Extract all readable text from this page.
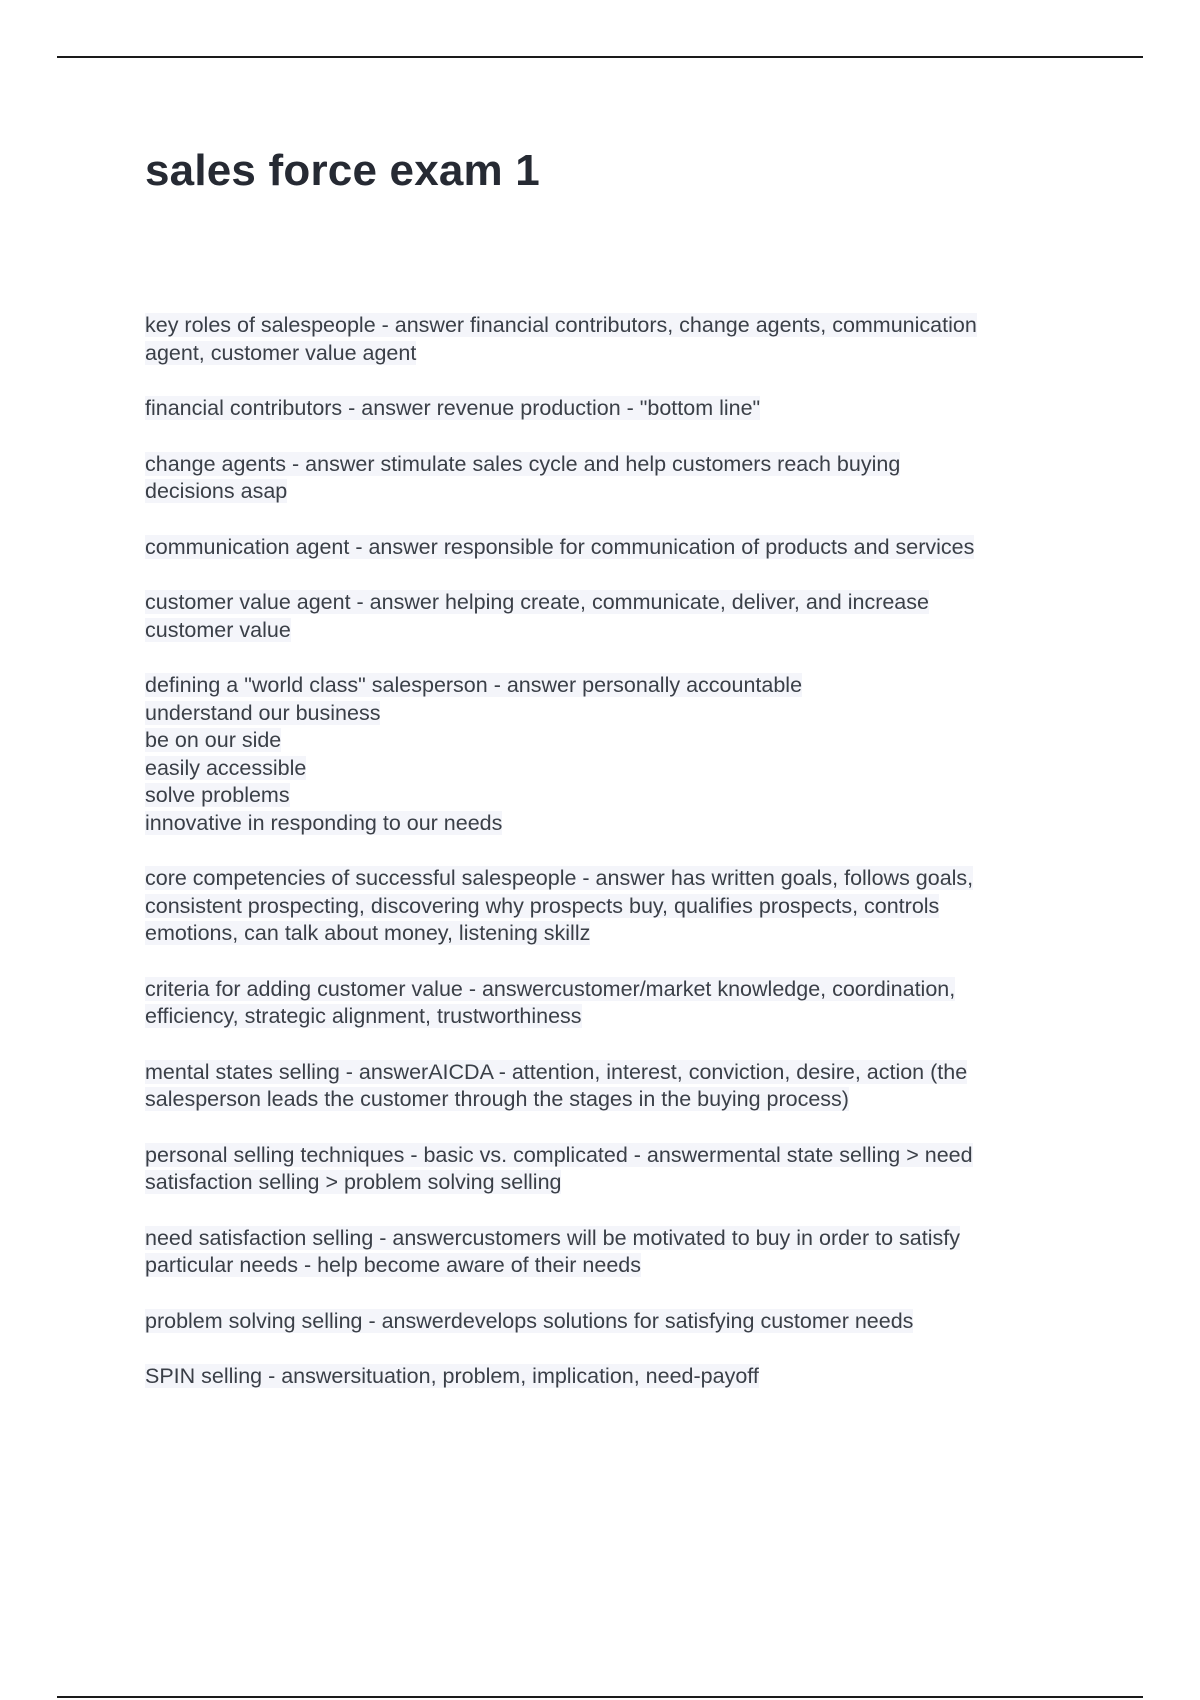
sales force exam 1

key roles of salespeople - answer financial contributors, change agents, communication
agent, customer value agent

financial contributors - answer revenue production - "bottom line"

change agents - answer stimulate sales cycle and help customers reach buying
decisions asap

communication agent - answer responsible for communication of products and services

customer value agent - answer helping create, communicate, deliver, and increase
customer value

defining a "world class" salesperson - answer personally accountable
understand our business
be on our side
easily accessible
solve problems
innovative in responding to our needs

core competencies of successful salespeople - answer has written goals, follows goals,
consistent prospecting, discovering why prospects buy, qualifies prospects, controls
emotions, can talk about money, listening skillz

criteria for adding customer value - answercustomer/market knowledge, coordination,
efficiency, strategic alignment, trustworthiness

mental states selling - answerAICDA - attention, interest, conviction, desire, action (the
salesperson leads the customer through the stages in the buying process)

personal selling techniques - basic vs. complicated - answermental state selling > need
satisfaction selling > problem solving selling

need satisfaction selling - answercustomers will be motivated to buy in order to satisfy
particular needs - help become aware of their needs

problem solving selling - answerdevelops solutions for satisfying customer needs

SPIN selling - answersituation, problem, implication, need-payoff
